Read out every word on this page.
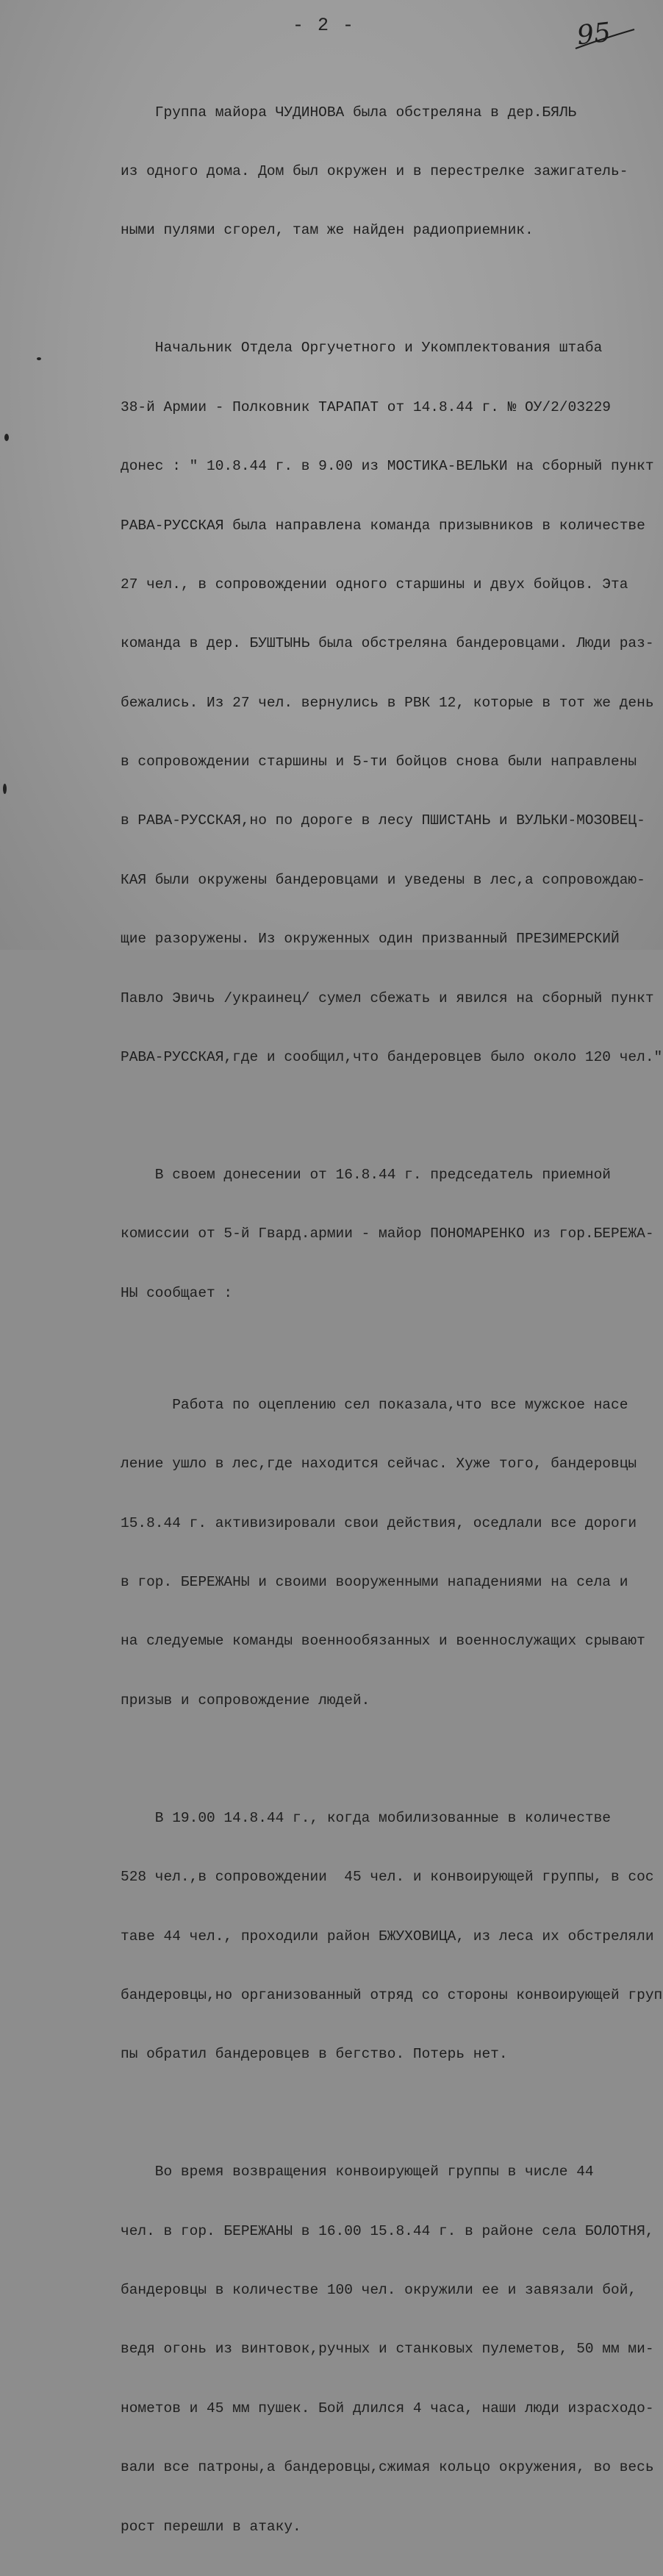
- 2 -	95

Группа майора ЧУДИНОВА была обстреляна в дер.БЯЛЬ

из одного дома. Дом был окружен и в перестрелке зажигатель-

ными пулями сгорел, там же найден радиоприемник.

Начальник Отдела Оргучетного и Укомплектования штаба

38-й Армии - Полковник ТАРАПАТ от 14.8.44 г. № ОУ/2/03229

донес : " 10.8.44 г. в 9.00 из МОСТИКА-ВЕЛЬКИ на сборный пункт

РАВА-РУССКАЯ была направлена команда призывников в количестве

27 чел., в сопровождении одного старшины и двух бойцов. Эта

команда в дер. БУШТЫНЬ была обстреляна бандеровцами. Люди раз-

бежались. Из 27 чел. вернулись в РВК 12, которые в тот же день

в сопровождении старшины и 5-ти бойцов снова были направлены

в РАВА-РУССКАЯ,но по дороге в лесу ПШИСТАНЬ и ВУЛЬКИ-МОЗОВЕЦ-

КАЯ были окружены бандеровцами и уведены в лес,а сопровождаю-

щие разоружены. Из окруженных один призванный ПРЕЗИМЕРСКИЙ

Павло Эвичь /украинец/ сумел сбежать и явился на сборный пункт

РАВА-РУССКАЯ,где и сообщил,что бандеровцев было около 120 чел."

В своем донесении от 16.8.44 г. председатель приемной

комиссии от 5-й Гвард.армии - майор ПОНОМАРЕНКО из гор.БЕРЕЖА-

НЫ сообщает :

Работа по оцеплению сел показала,что все мужское насе

ление ушло в лес,где находится сейчас. Хуже того, бандеровцы

15.8.44 г. активизировали свои действия, оседлали все дороги

в гор. БЕРЕЖАНЫ и своими вооруженными нападениями на села и

на следуемые команды военнообязанных и военнослужащих срывают

призыв и сопровождение людей.

В 19.00 14.8.44 г., когда мобилизованные в количестве

528 чел.,в сопровождении  45 чел. и конвоирующей группы, в сос

таве 44 чел., проходили район БЖУХОВИЦА, из леса их обстреляли

бандеровцы,но организованный отряд со стороны конвоирующей груп

пы обратил бандеровцев в бегство. Потерь нет.

Во время возвращения конвоирующей группы в числе 44

чел. в гор. БЕРЕЖАНЫ в 16.00 15.8.44 г. в районе села БОЛОТНЯ,

бандеровцы в количестве 100 чел. окружили ее и завязали бой,

ведя огонь из винтовок,ручных и станковых пулеметов, 50 мм ми-

нометов и 45 мм пушек. Бой длился 4 часа, наши люди израсходо-

вали все патроны,а бандеровцы,сжимая кольцо окружения, во весь

рост перешли в атаку.
